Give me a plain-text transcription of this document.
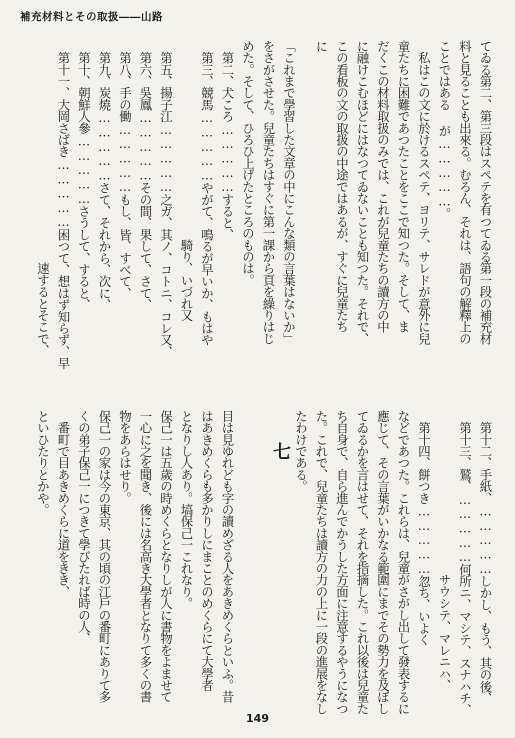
補充材料とその取扱――山路
てゐる第二、第三段はスペテを有つてゐる第一段の補充材
料と見ることも出來る。むろん、それは、語句の解釋上の
ことではある が……………。
　私はこの文に於けるスペテ、ヨリテ、サレドが意外に兒
童たちに困難であつたことをここで知つた。そして、ま
だくこの材料取扱のみでは、これが兒童たちの讀方の中
に融けこむほどにはなつてゐないことも知つた。それで、
この看板の文の取扱の中途ではあるが、すぐに兒童たち
に
「これまで學習した文章の中にこんな類の言葉はないか」
をさがさせた。兒童たちはすぐに第一課から頁を繰りはじ
めた。そして、ひろひ上げたところのものは。
　第二、犬ころ……………すると、
　第三、競馬……………やがて、鳴るが早いか、もはや
　　　　　　　　　　　　　　　　　騎り、いづれ又
　第五、揚子江……………之ガ、其ノ、コトニ、コレ又、
　第六、吳鳳……………その間、果して、さて、
　第八、手の働……………もし、皆、すべて、
　第九、炭燒……………さて、それから、次に、
　第十、朝鮮人參……………さうして、すると、
　第十一、大岡さばき……………困つて、想はず知らず、早
　　　　　　　　　　　　　　　　　　　速するとそこで、
　第十二、手紙、……………しかし、もう、其の後、
　第十三、鷲、……………何所ニ、マシテ、スナハチ、
　　　　　　　　　　　　　　サウシテ、マレニハ、
　第十四、餅つき……………忽ち、いよく
などであつた。これらは、兒童がさがし出して發表するに
應じて、その言葉がいかなる範圍にまでその勢力を及ぼし
てゐるかを言はせて、それを指摘した。これ以後は兒童た
ち自身で、自ら進んでかうした方面に注意するやうになつ
た。これで、兒童たちは讀方の力の上に一段の進展をなし
たわけである。
七
目は見ゆれども字の讀めざる人をあきめくらといふ。昔
はあきめくらも多かりしにまことのめくらにて大學者
となりし人あり。塙保己一これなり。
保己一は五歲の時めくらとなりしが人に書物をよませて
一心に之を聞き、後には名高き大學者となりて多くの書
物をあらはせり。
保己一の家は今の東京、其の頃の江戶の番町にありて多
くの弟子保己一につきて學びたれば時の人、
　番町で目あきめくらに道をきき、
といひたりとかや。
149
